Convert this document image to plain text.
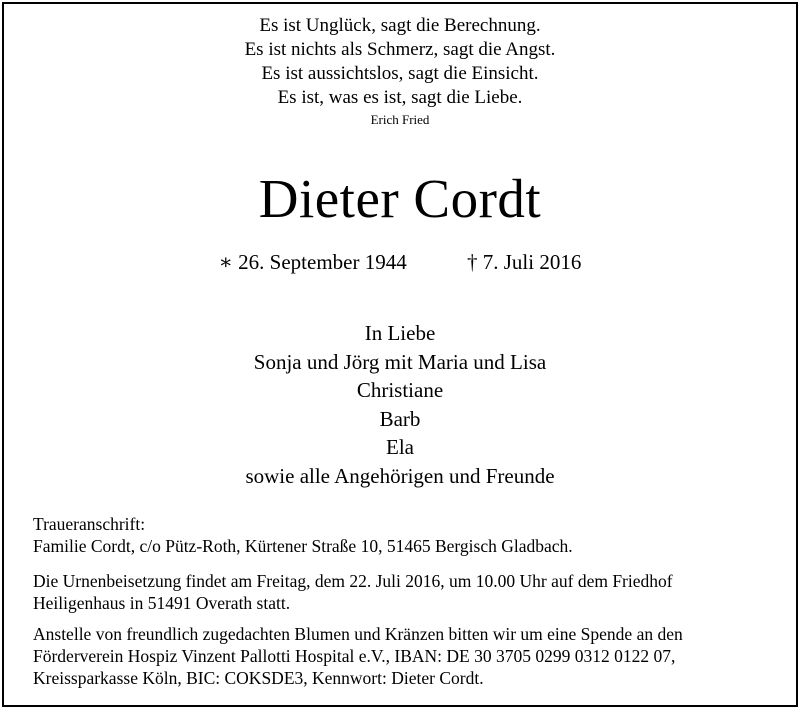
Es ist Unglück, sagt die Berechnung.
Es ist nichts als Schmerz, sagt die Angst.
Es ist aussichtslos, sagt die Einsicht.
Es ist, was es ist, sagt die Liebe.
Erich Fried
Dieter Cordt
∗ 26. September 1944	† 7. Juli 2016
In Liebe
Sonja und Jörg mit Maria und Lisa
Christiane
Barb
Ela
sowie alle Angehörigen und Freunde
Traueranschrift:
Familie Cordt, c/o Pütz-Roth, Kürtener Straße 10, 51465 Bergisch Gladbach.
Die Urnenbeisetzung findet am Freitag, dem 22. Juli 2016, um 10.00 Uhr auf dem Friedhof
Heiligenhaus in 51491 Overath statt.
Anstelle von freundlich zugedachten Blumen und Kränzen bitten wir um eine Spende an den
Förderverein Hospiz Vinzent Pallotti Hospital e.V., IBAN: DE 30 3705 0299 0312 0122 07,
Kreissparkasse Köln, BIC: COKSDE3, Kennwort: Dieter Cordt.
